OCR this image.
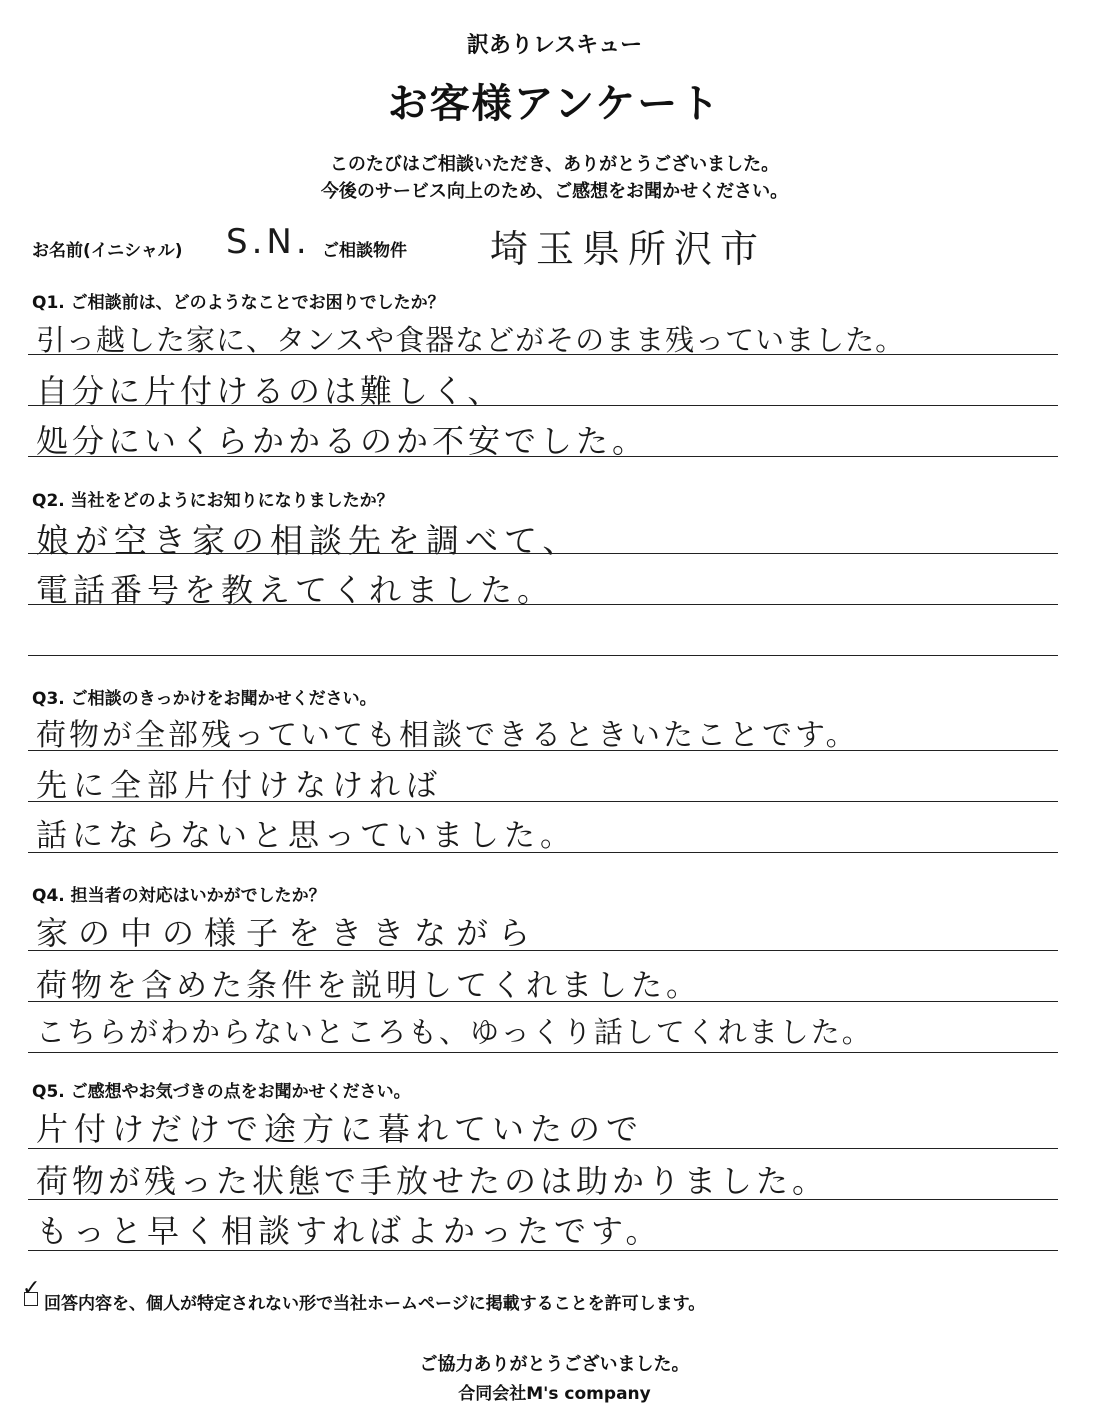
訳ありレスキュー
お客様アンケート
このたびはご相談いただき、ありがとうございました。
今後のサービス向上のため、ご感想をお聞かせください。
お名前(イニシャル) S.N. ご相談物件 埼玉県所沢市
Q1. ご相談前は、どのようなことでお困りでしたか？
引っ越した家に、タンスや食器などがそのまま残っていました。
自分に片付けるのは難しく、
処分にいくらかかるのか不安でした。
Q2. 当社をどのようにお知りになりましたか？
娘が空き家の相談先を調べて、
電話番号を教えてくれました。
Q3. ご相談のきっかけをお聞かせください。
荷物が全部残っていても相談できるときいたことです。
先に全部片付けなければ
話にならないと思っていました。
Q4. 担当者の対応はいかがでしたか？
家の中の様子をききながら
荷物を含めた条件を説明してくれました。
こちらがわからないところも、ゆっくり話してくれました。
Q5. ご感想やお気づきの点をお聞かせください。
片付けだけで途方に暮れていたので
荷物が残った状態で手放せたのは助かりました。
もっと早く相談すればよかったです。
✓
回答内容を、個人が特定されない形で当社ホームページに掲載することを許可します。
ご協力ありがとうございました。
合同会社M's company
